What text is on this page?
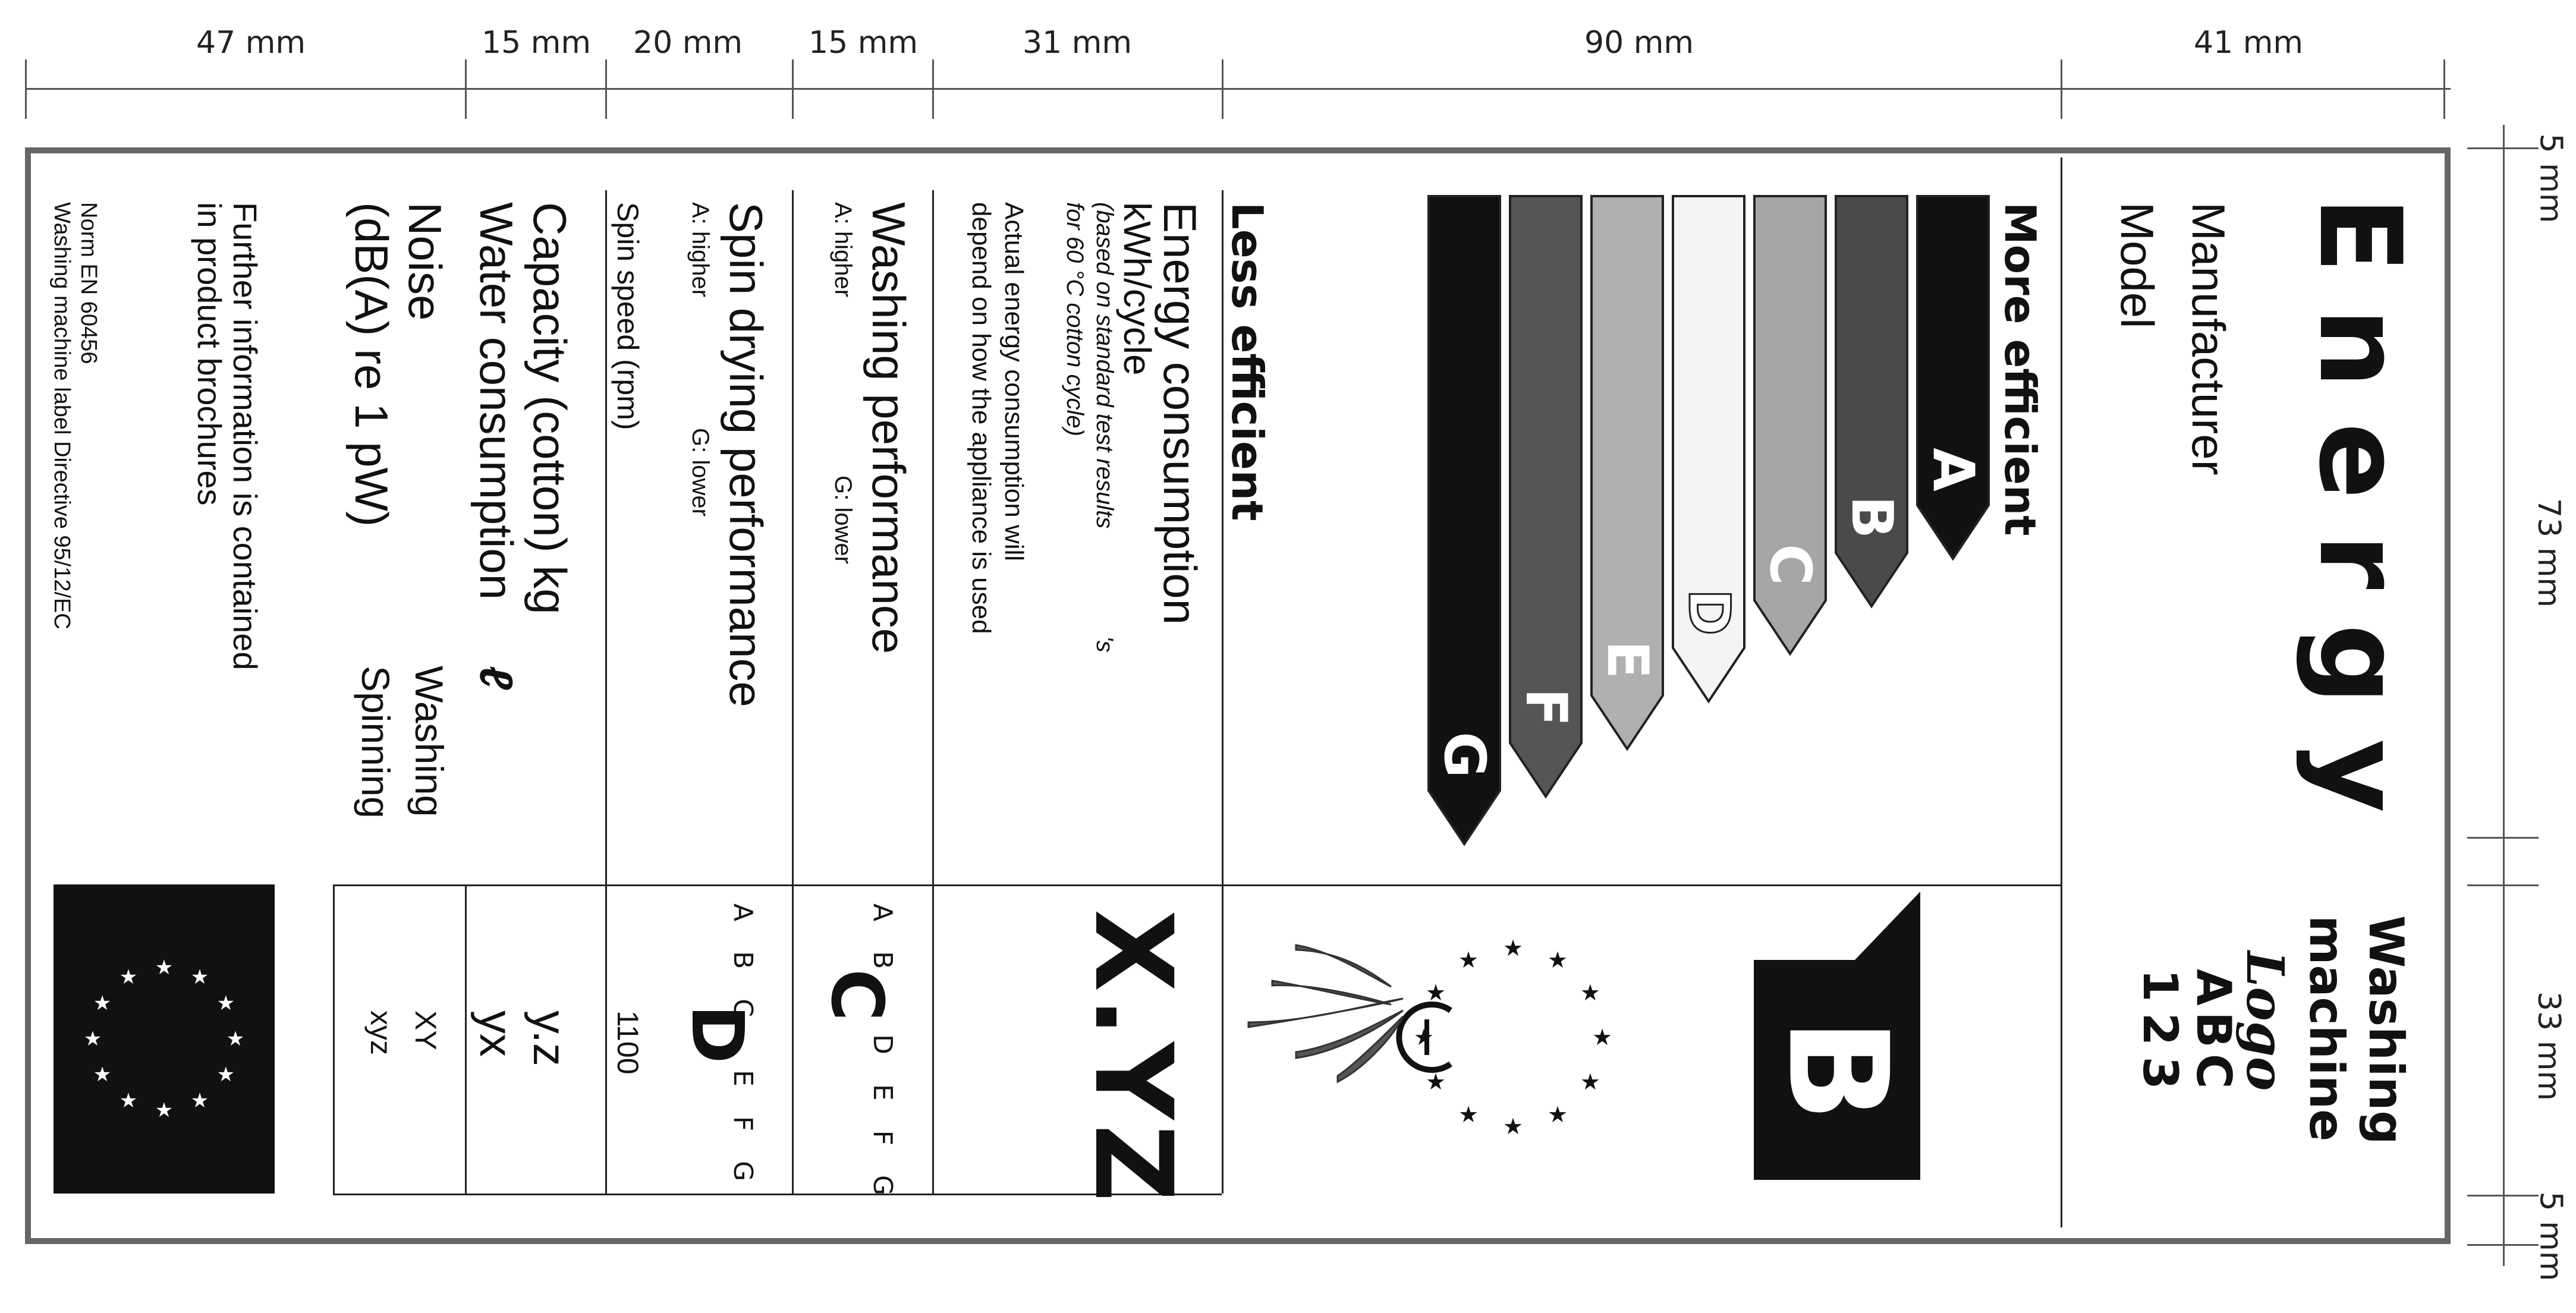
47 mm	15 mm 20 mm 15 mm	31 mm	90 mm	41 mm
5 mm
73 mm
33 mm
5 mm
Energy
Manufacturer
Model
Washing
machine
Logo
ABC
123
More efficient
Less efficient	A
B
C
D
E
F
G
B
★
★
★
★
★
★
★
★
★ ★ ★
★
★
★
★
★
★
★
★
★
★ ★ ★
★
Energy consumption
kWh/cycle
(based on standard test results
's
for 60 °C cotton cycle)
Actual energy consumption will
depend on how the appliance is used
X.YZ
Washing performance
A: higher
G: lower
A B
C
D E F G
Spin drying performance
A: higher
G: lower
A B C
D
E F G
Spin speed (rpm)
1100
Capacity (cotton) kg
y.z
Water consumption
ℓ
yx
Noise
(dB(A) re 1 pW)
Washing
Spinning
XY
xyz
Further information is contained
in product brochures
Norm EN 60456
Washing machine label Directive 95/12/EC
